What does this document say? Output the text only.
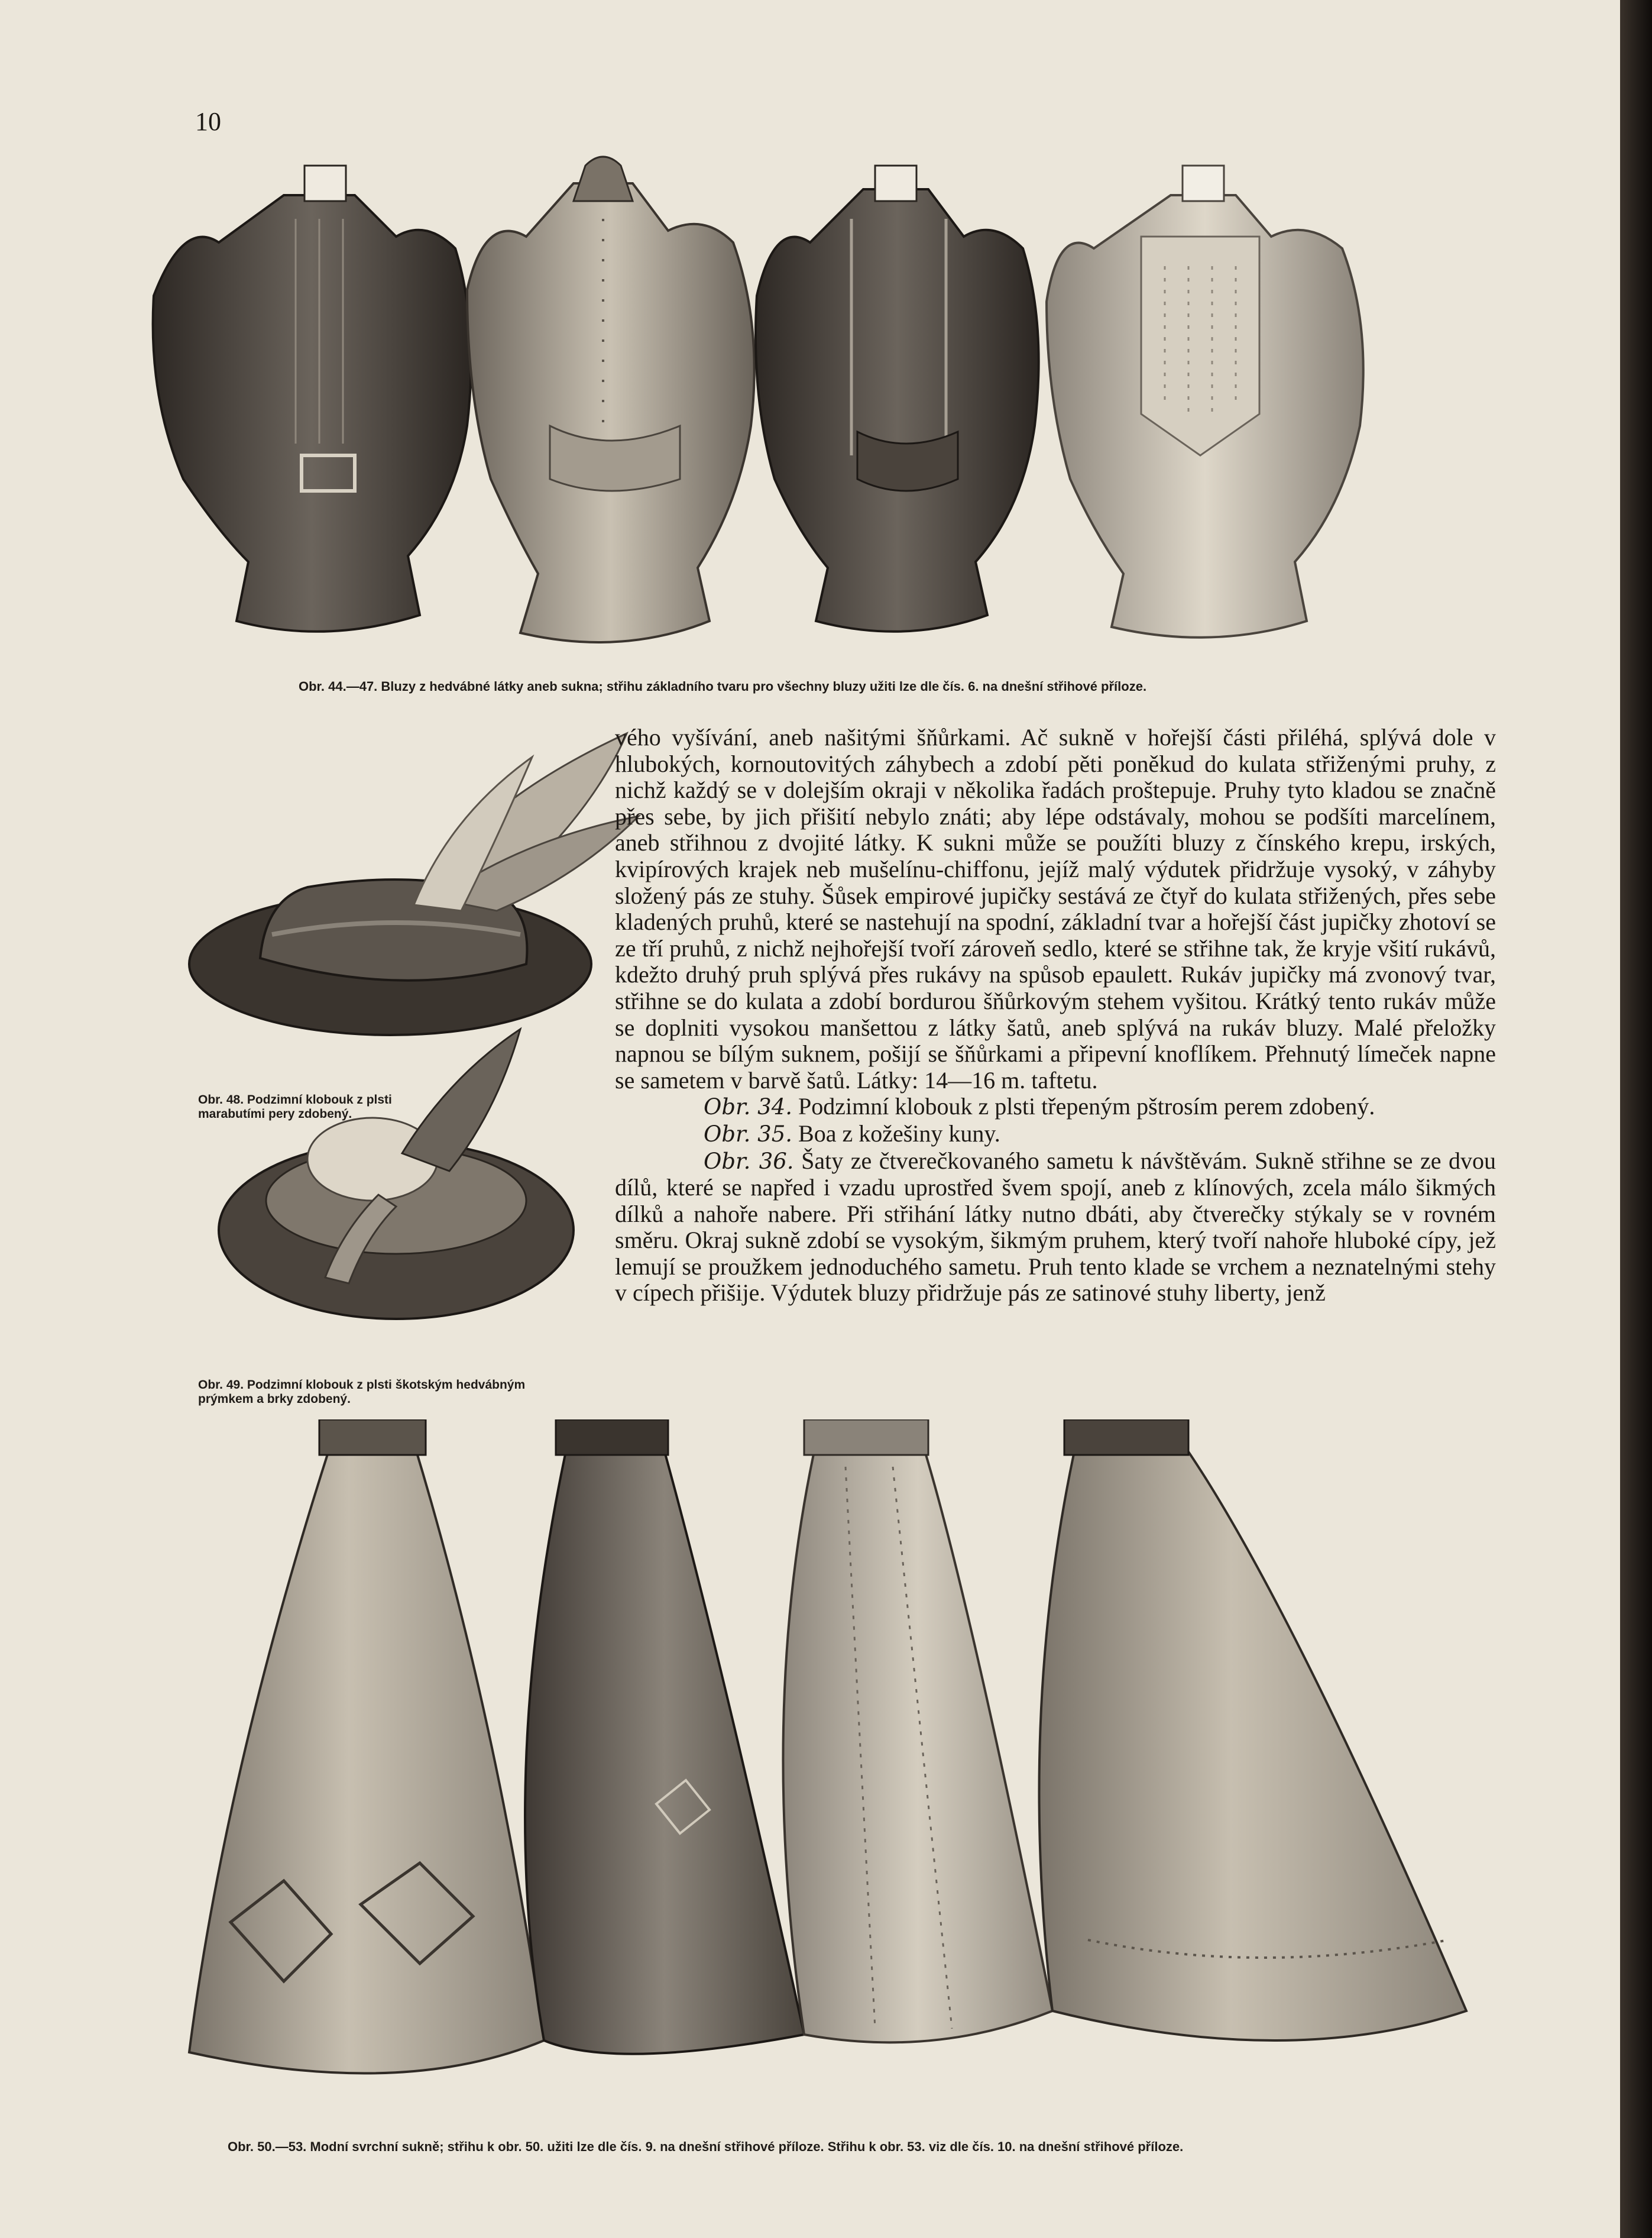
10
Obr. 44.—47. Bluzy z hedvábné látky aneb sukna; střihu základního tvaru pro všechny bluzy užiti lze dle čís. 6. na dnešní střihové příloze.
Obr. 48. Podzimní klobouk z plsti marabutími pery zdobený.
Obr. 49. Podzimní klobouk z plsti škotským hedvábným prýmkem a brky zdobený.

vého vyšívání, aneb našitými šňůrkami. Ač sukně v hořejší části přiléhá, splývá dole v hlubokých, kornoutovitých záhybech a zdobí pěti poněkud do kulata střiženými pruhy, z nichž každý se v dolejším okraji v několika řadách proštepuje. Pruhy tyto kladou se značně přes sebe, by jich přišití nebylo znáti; aby lépe odstávaly, mohou se podšíti marcelínem, aneb střihnou z dvojité látky. K sukni může se použíti bluzy z čínského krepu, irských, kvipírových krajek neb mušelínu-chiffonu, jejíž malý výdutek přidržuje vysoký, v záhyby složený pás ze stuhy. Šůsek empirové jupičky sestává ze čtyř do kulata střižených, přes sebe kladených pruhů, které se nastehují na spodní, základní tvar a hořejší část jupičky zhotoví se ze tří pruhů, z nichž nejhořejší tvoří zároveň sedlo, které se střihne tak, že kryje všití rukávů, kdežto druhý pruh splývá přes rukávy na spůsob epaulett. Rukáv jupičky má zvonový tvar, střihne se do kulata a zdobí bordurou šňůrkovým stehem vyšitou. Krátký tento rukáv může se doplniti vysokou manšettou z látky šatů, aneb splývá na rukáv bluzy. Malé přeložky napnou se bílým suknem, pošijí se šňůrkami a připevní knoflíkem. Přehnutý límeček napne se sametem v barvě šatů. Látky: 14—16 m. taftetu.

Obr. 34. Podzimní klobouk z plsti třepeným pštrosím perem zdobený.

Obr. 35. Boa z kožešiny kuny.

Obr. 36. Šaty ze čtverečkovaného sametu k návštěvám. Sukně střihne se ze dvou dílů, které se napřed i vzadu uprostřed švem spojí, aneb z klínových, zcela málo šikmých dílků a nahoře nabere. Při střihání látky nutno dbáti, aby čtverečky stýkaly se v rovném směru. Okraj sukně zdobí se vysokým, šikmým pruhem, který tvoří nahoře hluboké cípy, jež lemují se proužkem jednoduchého sametu. Pruh tento klade se vrchem a neznatelnými stehy v cípech přišije. Výdutek bluzy přidržuje pás ze satinové stuhy liberty, jenž

Obr. 50.—53. Modní svrchní sukně; střihu k obr. 50. užiti lze dle čís. 9. na dnešní střihové příloze. Střihu k obr. 53. viz dle čís. 10. na dnešní střihové příloze.
